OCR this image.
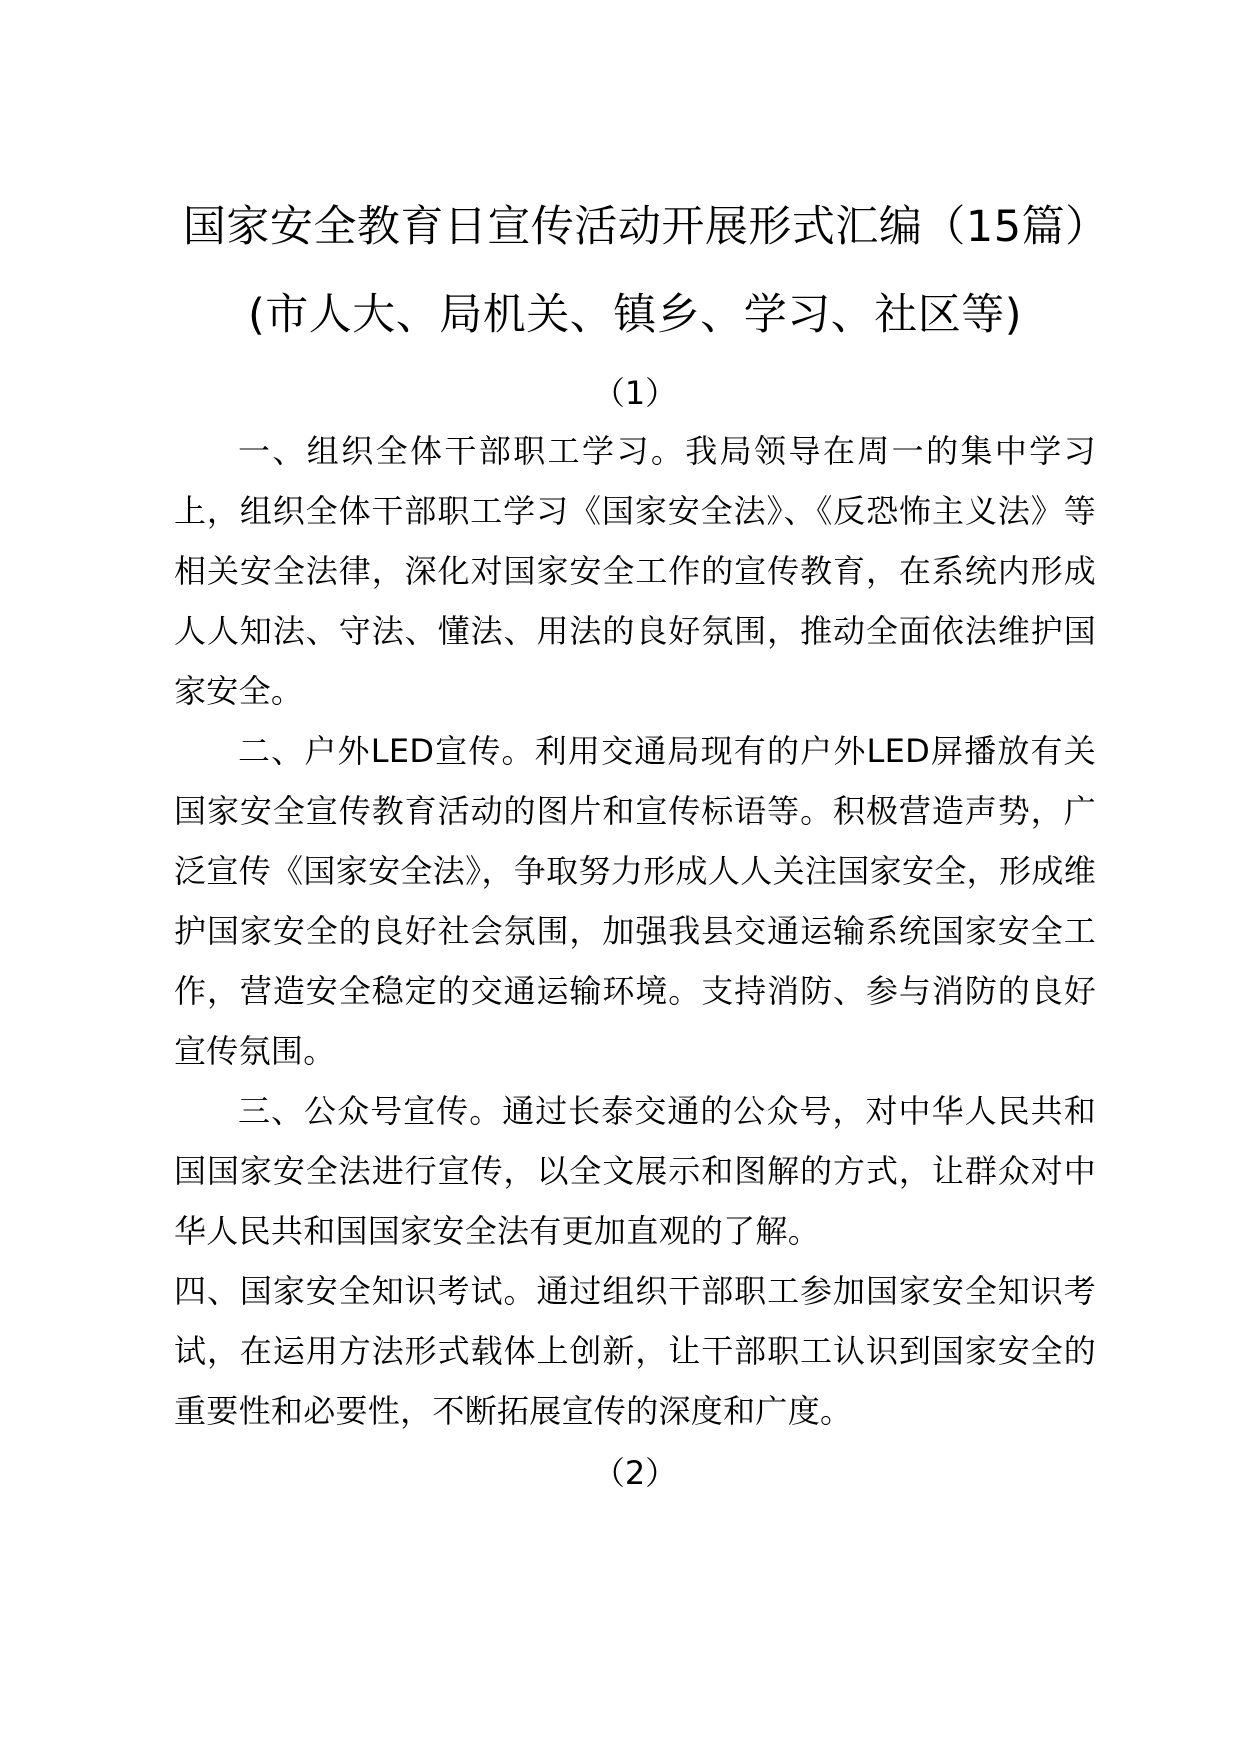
国家安全教育日宣传活动开展形式汇编（15篇）(市人大、局机关、镇乡、学习、社区等)
（1）

一、组织全体干部职工学习。我局领导在周一的集中学习上，组织全体干部职工学习《国家安全法》、《反恐怖主义法》等相关安全法律，深化对国家安全工作的宣传教育，在系统内形成人人知法、守法、懂法、用法的良好氛围，推动全面依法维护国家安全。

二、户外LED宣传。利用交通局现有的户外LED屏播放有关国家安全宣传教育活动的图片和宣传标语等。积极营造声势，广泛宣传《国家安全法》，争取努力形成人人关注国家安全，形成维护国家安全的良好社会氛围，加强我县交通运输系统国家安全工作，营造安全稳定的交通运输环境。支持消防、参与消防的良好宣传氛围。

三、公众号宣传。通过长泰交通的公众号，对中华人民共和国国家安全法进行宣传，以全文展示和图解的方式，让群众对中华人民共和国国家安全法有更加直观的了解。

四、国家安全知识考试。通过组织干部职工参加国家安全知识考试，在运用方法形式载体上创新，让干部职工认识到国家安全的重要性和必要性，不断拓展宣传的深度和广度。

（2）
